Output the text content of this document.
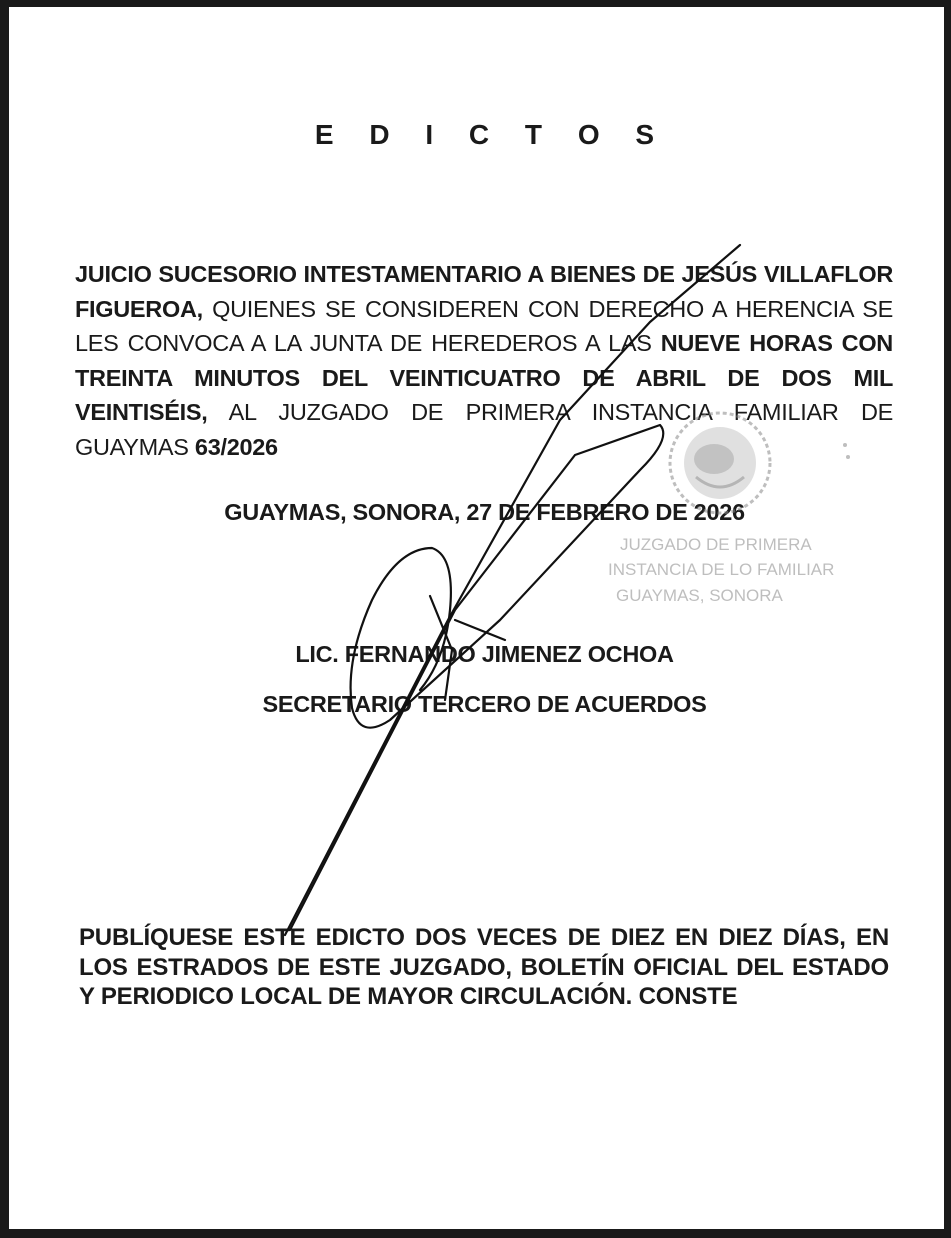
E D I C T O S
JUICIO SUCESORIO INTESTAMENTARIO A BIENES DE JESÚS VILLAFLOR FIGUEROA, QUIENES SE CONSIDEREN CON DERECHO A HERENCIA SE LES CONVOCA A LA JUNTA DE HEREDEROS A LAS NUEVE HORAS CON TREINTA MINUTOS DEL VEINTICUATRO DE ABRIL DE DOS MIL VEINTISÉIS, AL JUZGADO DE PRIMERA INSTANCIA FAMILIAR DE GUAYMAS 63/2026
GUAYMAS, SONORA, 27 DE FEBRERO DE 2026
LIC. FERNANDO JIMENEZ OCHOA
SECRETARIO TERCERO DE ACUERDOS
PUBLÍQUESE ESTE EDICTO DOS VECES DE DIEZ EN DIEZ DÍAS, EN LOS ESTRADOS DE ESTE JUZGADO, BOLETÍN OFICIAL DEL ESTADO Y PERIODICO LOCAL DE MAYOR CIRCULACIÓN. CONSTE
JUZGADO DE PRIMERA
INSTANCIA DE LO FAMILIAR
GUAYMAS, SONORA
